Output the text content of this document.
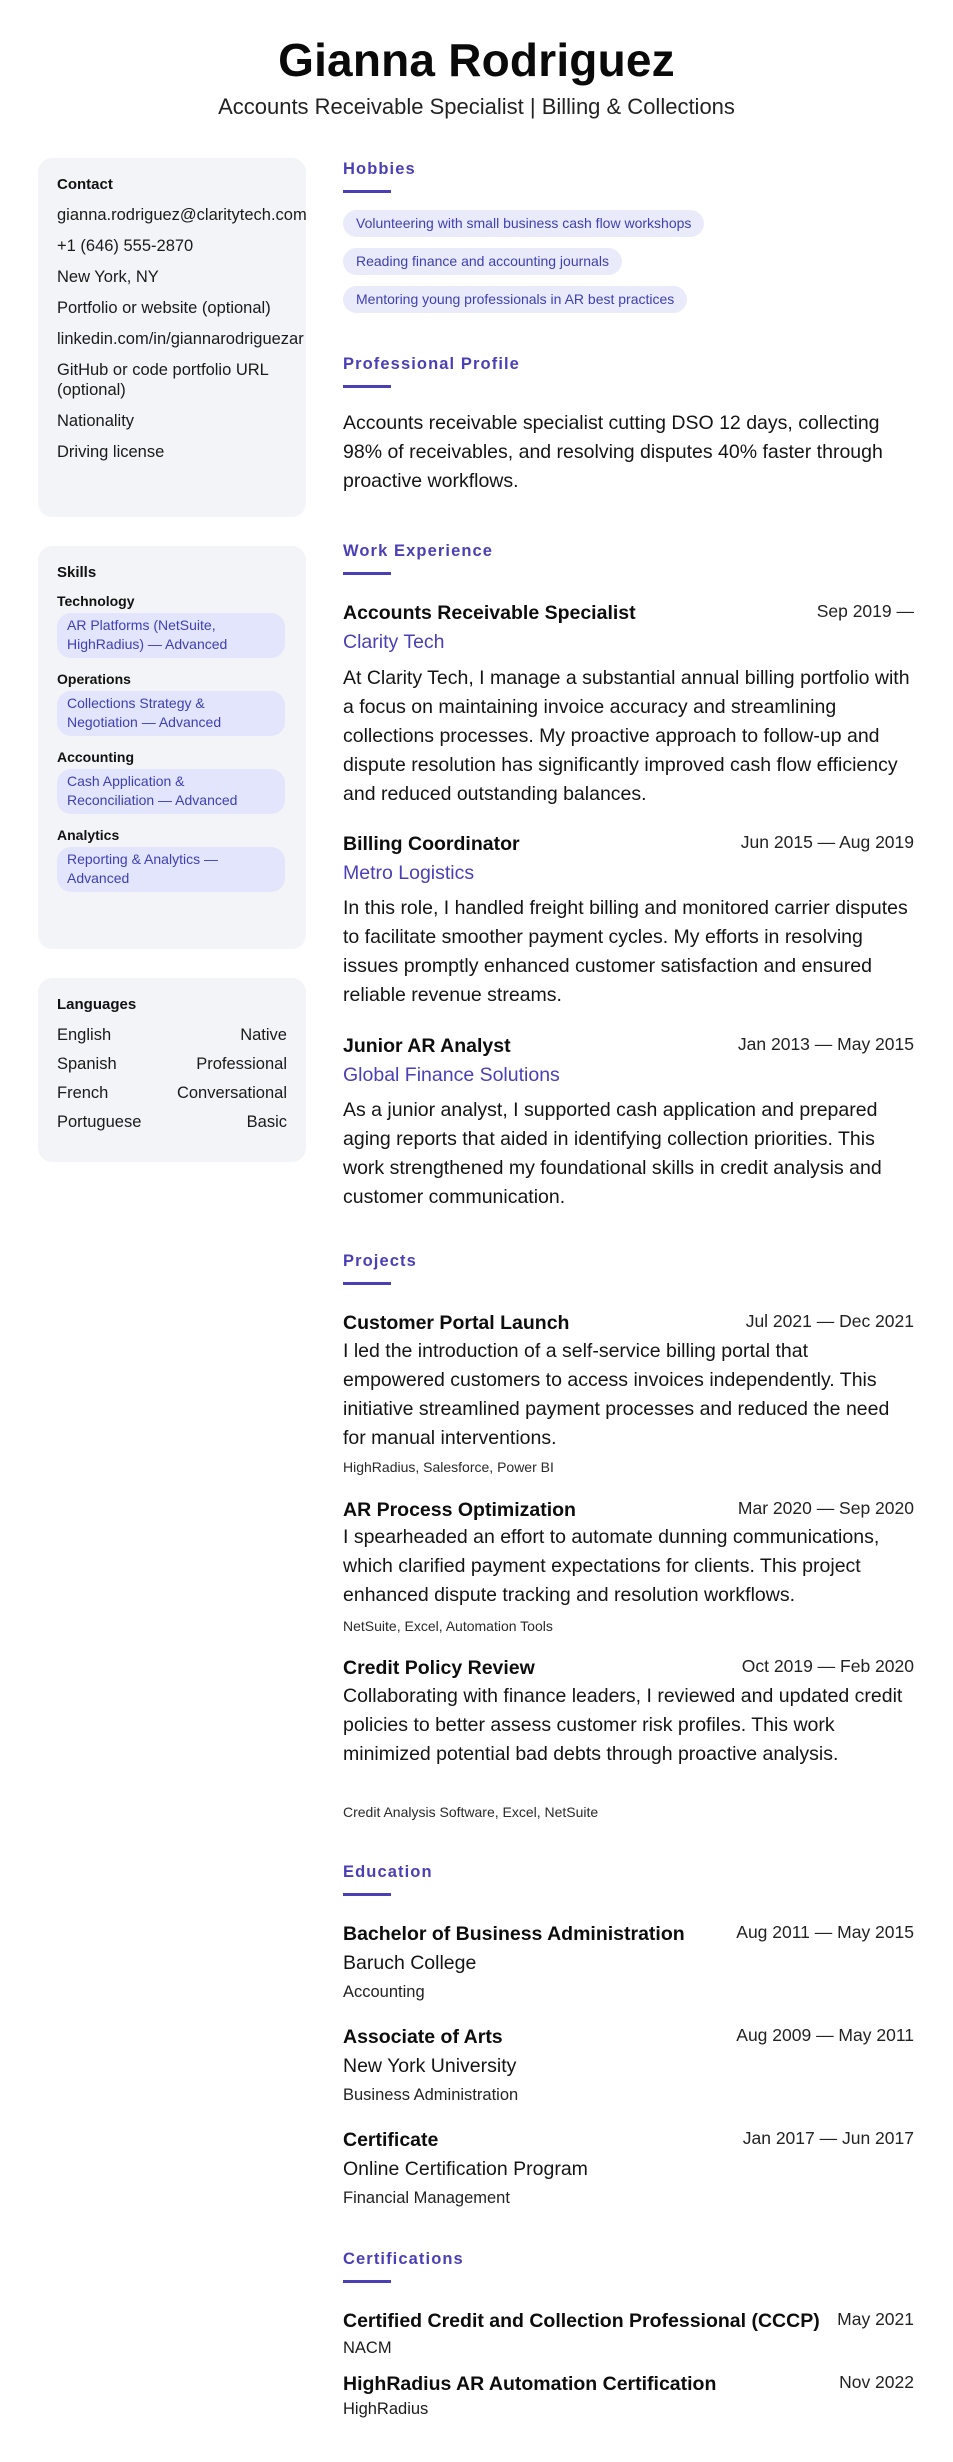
Gianna Rodriguez
Accounts Receivable Specialist | Billing & Collections
Contact
gianna.rodriguez@claritytech.com
+1 (646) 555-2870
New York, NY
Portfolio or website (optional)
linkedin.com/in/giannarodriguezar
GitHub or code portfolio URL (optional)
Nationality
Driving license
Skills
Technology
AR Platforms (NetSuite, HighRadius) — Advanced
Operations
Collections Strategy & Negotiation — Advanced
Accounting
Cash Application & Reconciliation — Advanced
Analytics
Reporting & Analytics — Advanced
Languages
English	Native
Spanish	Professional
French	Conversational
Portuguese	Basic
Hobbies
Volunteering with small business cash flow workshops
Reading finance and accounting journals
Mentoring young professionals in AR best practices
Professional Profile
Accounts receivable specialist cutting DSO 12 days, collecting 98% of receivables, and resolving disputes 40% faster through proactive workflows.
Work Experience
Accounts Receivable Specialist	Sep 2019 —
Clarity Tech
At Clarity Tech, I manage a substantial annual billing portfolio with a focus on maintaining invoice accuracy and streamlining collections processes. My proactive approach to follow-up and dispute resolution has significantly improved cash flow efficiency and reduced outstanding balances.
Billing Coordinator	Jun 2015 — Aug 2019
Metro Logistics
In this role, I handled freight billing and monitored carrier disputes to facilitate smoother payment cycles. My efforts in resolving issues promptly enhanced customer satisfaction and ensured reliable revenue streams.
Junior AR Analyst	Jan 2013 — May 2015
Global Finance Solutions
As a junior analyst, I supported cash application and prepared aging reports that aided in identifying collection priorities. This work strengthened my foundational skills in credit analysis and customer communication.
Projects
Customer Portal Launch	Jul 2021 — Dec 2021
I led the introduction of a self-service billing portal that empowered customers to access invoices independently. This initiative streamlined payment processes and reduced the need for manual interventions.
HighRadius, Salesforce, Power BI
AR Process Optimization	Mar 2020 — Sep 2020
I spearheaded an effort to automate dunning communications, which clarified payment expectations for clients. This project enhanced dispute tracking and resolution workflows.
NetSuite, Excel, Automation Tools
Credit Policy Review	Oct 2019 — Feb 2020
Collaborating with finance leaders, I reviewed and updated credit policies to better assess customer risk profiles. This work minimized potential bad debts through proactive analysis.
Credit Analysis Software, Excel, NetSuite
Education
Bachelor of Business Administration	Aug 2011 — May 2015
Baruch College
Accounting
Associate of Arts	Aug 2009 — May 2011
New York University
Business Administration
Certificate	Jan 2017 — Jun 2017
Online Certification Program
Financial Management
Certifications
Certified Credit and Collection Professional (CCCP) May 2021
NACM
HighRadius AR Automation Certification	Nov 2022
HighRadius
